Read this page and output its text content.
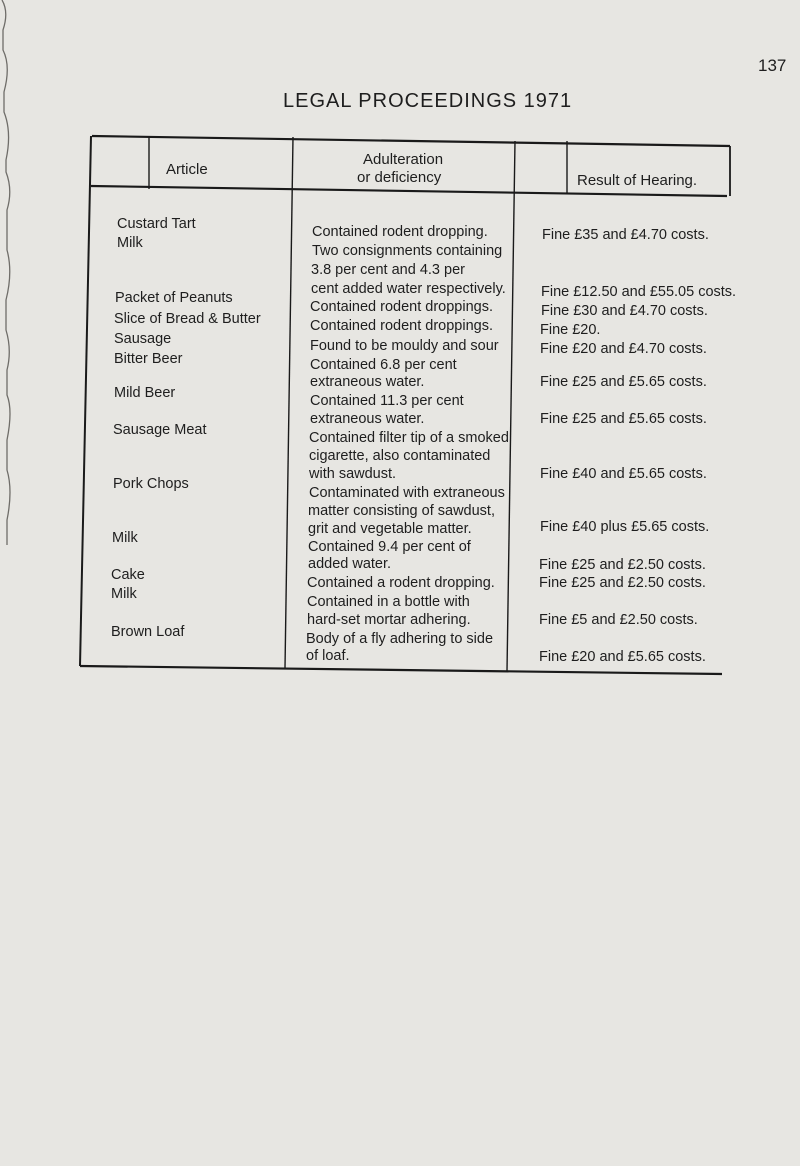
137
LEGAL PROCEEDINGS 1971
Article
Adulteration
or deficiency	Result of Hearing.
Custard Tart
Milk
Packet of Peanuts
Slice of Bread & Butter
Sausage
Bitter Beer
Mild Beer
Sausage Meat
Pork Chops
Milk
Cake
Milk
Brown Loaf
Contained rodent dropping.
Two consignments containing
3.8 per cent and 4.3 per
cent added water respectively.
Contained rodent droppings.
Contained rodent droppings.
Found to be mouldy and sour
Contained 6.8 per cent
extraneous water.
Contained 11.3 per cent
extraneous water.
Contained filter tip of a smoked
cigarette, also contaminated
with sawdust.
Contaminated with extraneous
matter consisting of sawdust,
grit and vegetable matter.
Contained 9.4 per cent of
added water.
Contained a rodent dropping.
Contained in a bottle with
hard-set mortar adhering.
Body of a fly adhering to side
of loaf.
Fine £35 and £4.70 costs.
Fine £12.50 and £55.05 costs.
Fine £30 and £4.70 costs.
Fine £20.
Fine £20 and £4.70 costs.
Fine £25 and £5.65 costs.
Fine £25 and £5.65 costs.
Fine £40 and £5.65 costs.
Fine £40 plus £5.65 costs.
Fine £25 and £2.50 costs.
Fine £25 and £2.50 costs.
Fine £5 and £2.50 costs.
Fine £20 and £5.65 costs.
